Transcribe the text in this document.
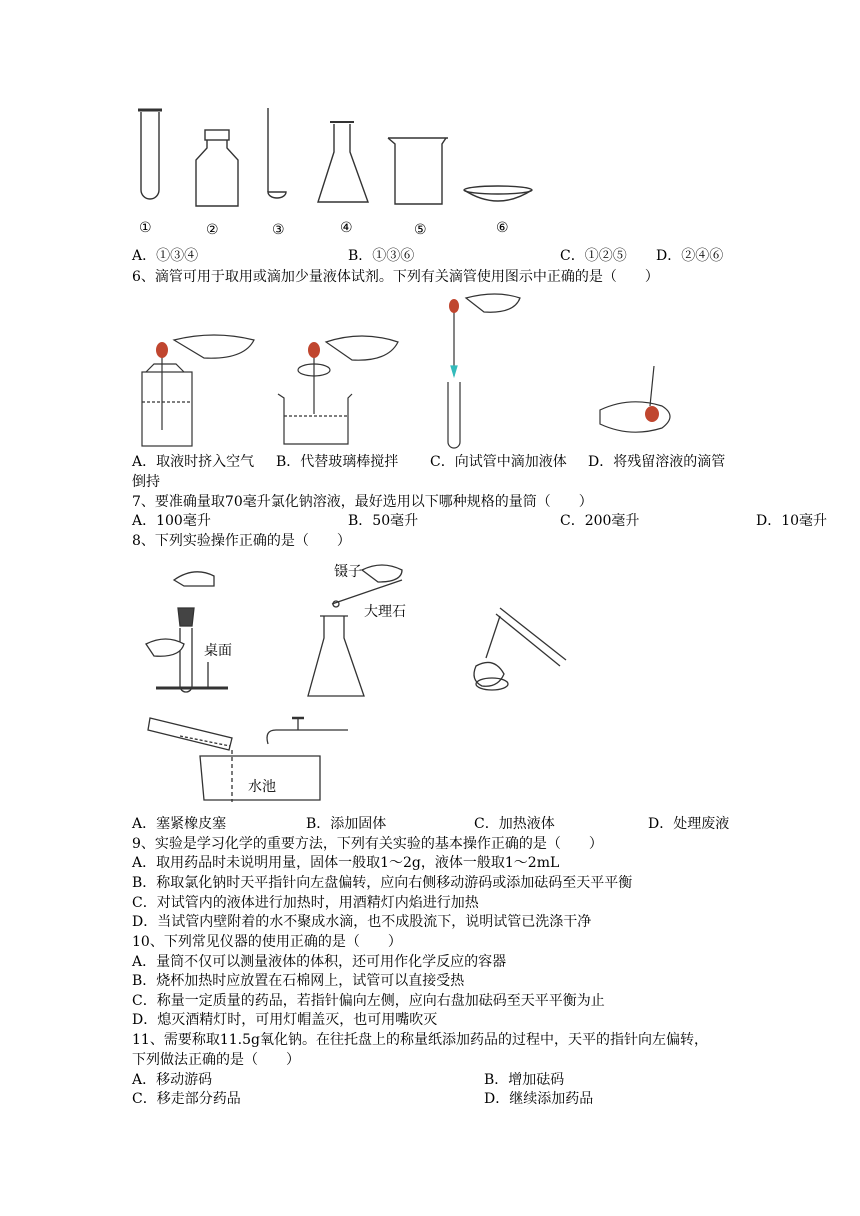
①	②	③	④	⑤	⑥
A．①③④	B．①③⑥	C．①②⑤ D．②④⑥
6、滴管可用于取用或滴加少量液体试剂。下列有关滴管使用图示中正确的是（　　）
A．取液时挤入空气 B．代替玻璃棒搅拌 C．向试管中滴加液体 D．将残留溶液的滴管
倒持
7、要准确量取70毫升氯化钠溶液，最好选用以下哪种规格的量筒（　　）
A．100毫升	B．50毫升	C．200毫升	D．10毫升
8、下列实验操作正确的是（　　）
桌面
镊子
大理石
水池
A．塞紧橡皮塞	B．添加固体	C．加热液体	D．处理废液
9、实验是学习化学的重要方法，下列有关实验的基本操作正确的是（　　）
A．取用药品时未说明用量，固体一般取1～2g，液体一般取1～2mL
B．称取氯化钠时天平指针向左盘偏转，应向右侧移动游码或添加砝码至天平平衡
C．对试管内的液体进行加热时，用酒精灯内焰进行加热
D．当试管内壁附着的水不聚成水滴，也不成股流下，说明试管已洗涤干净
10、下列常见仪器的使用正确的是（　　）
A．量筒不仅可以测量液体的体积，还可用作化学反应的容器
B．烧杯加热时应放置在石棉网上，试管可以直接受热
C．称量一定质量的药品，若指针偏向左侧，应向右盘加砝码至天平平衡为止
D．熄灭酒精灯时，可用灯帽盖灭，也可用嘴吹灭
11、需要称取11.5g氧化钠。在往托盘上的称量纸添加药品的过程中，天平的指针向左偏转，
下列做法正确的是（　　）
A．移动游码	B．增加砝码
C．移走部分药品	D．继续添加药品
